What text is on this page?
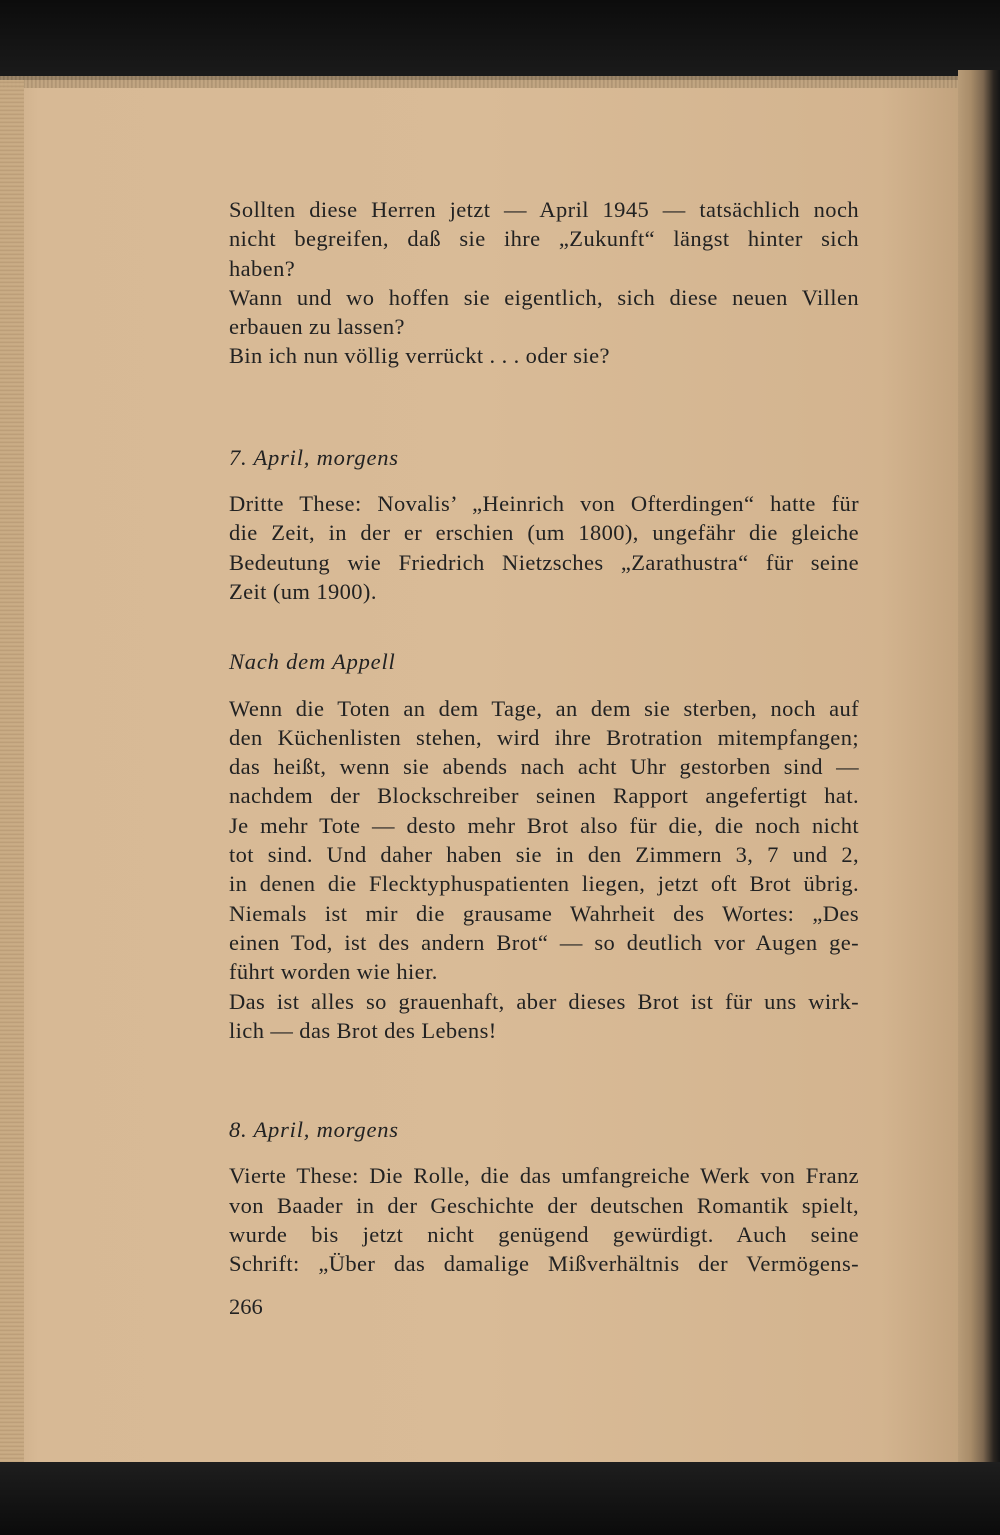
Sollten diese Herren jetzt — April 1945 — tatsächlich noch
nicht begreifen, daß sie ihre „Zukunft“ längst hinter sich
haben?
Wann und wo hoffen sie eigentlich, sich diese neuen Villen
erbauen zu lassen?
Bin ich nun völlig verrückt . . . oder sie?

7. April, morgens

Dritte These: Novalis’ „Heinrich von Ofterdingen“ hatte für
die Zeit, in der er erschien (um 1800), ungefähr die gleiche
Bedeutung wie Friedrich Nietzsches „Zarathustra“ für seine
Zeit (um 1900).

Nach dem Appell

Wenn die Toten an dem Tage, an dem sie sterben, noch auf
den Küchenlisten stehen, wird ihre Brotration mitempfangen;
das heißt, wenn sie abends nach acht Uhr gestorben sind —
nachdem der Blockschreiber seinen Rapport angefertigt hat.
Je mehr Tote — desto mehr Brot also für die, die noch nicht
tot sind. Und daher haben sie in den Zimmern 3, 7 und 2,
in denen die Flecktyphuspatienten liegen, jetzt oft Brot übrig.
Niemals ist mir die grausame Wahrheit des Wortes: „Des
einen Tod, ist des andern Brot“ — so deutlich vor Augen ge-
führt worden wie hier.
Das ist alles so grauenhaft, aber dieses Brot ist für uns wirk-
lich — das Brot des Lebens!

8. April, morgens

Vierte These: Die Rolle, die das umfangreiche Werk von Franz
von Baader in der Geschichte der deutschen Romantik spielt,
wurde bis jetzt nicht genügend gewürdigt. Auch seine
Schrift: „Über das damalige Mißverhältnis der Vermögens-
266
